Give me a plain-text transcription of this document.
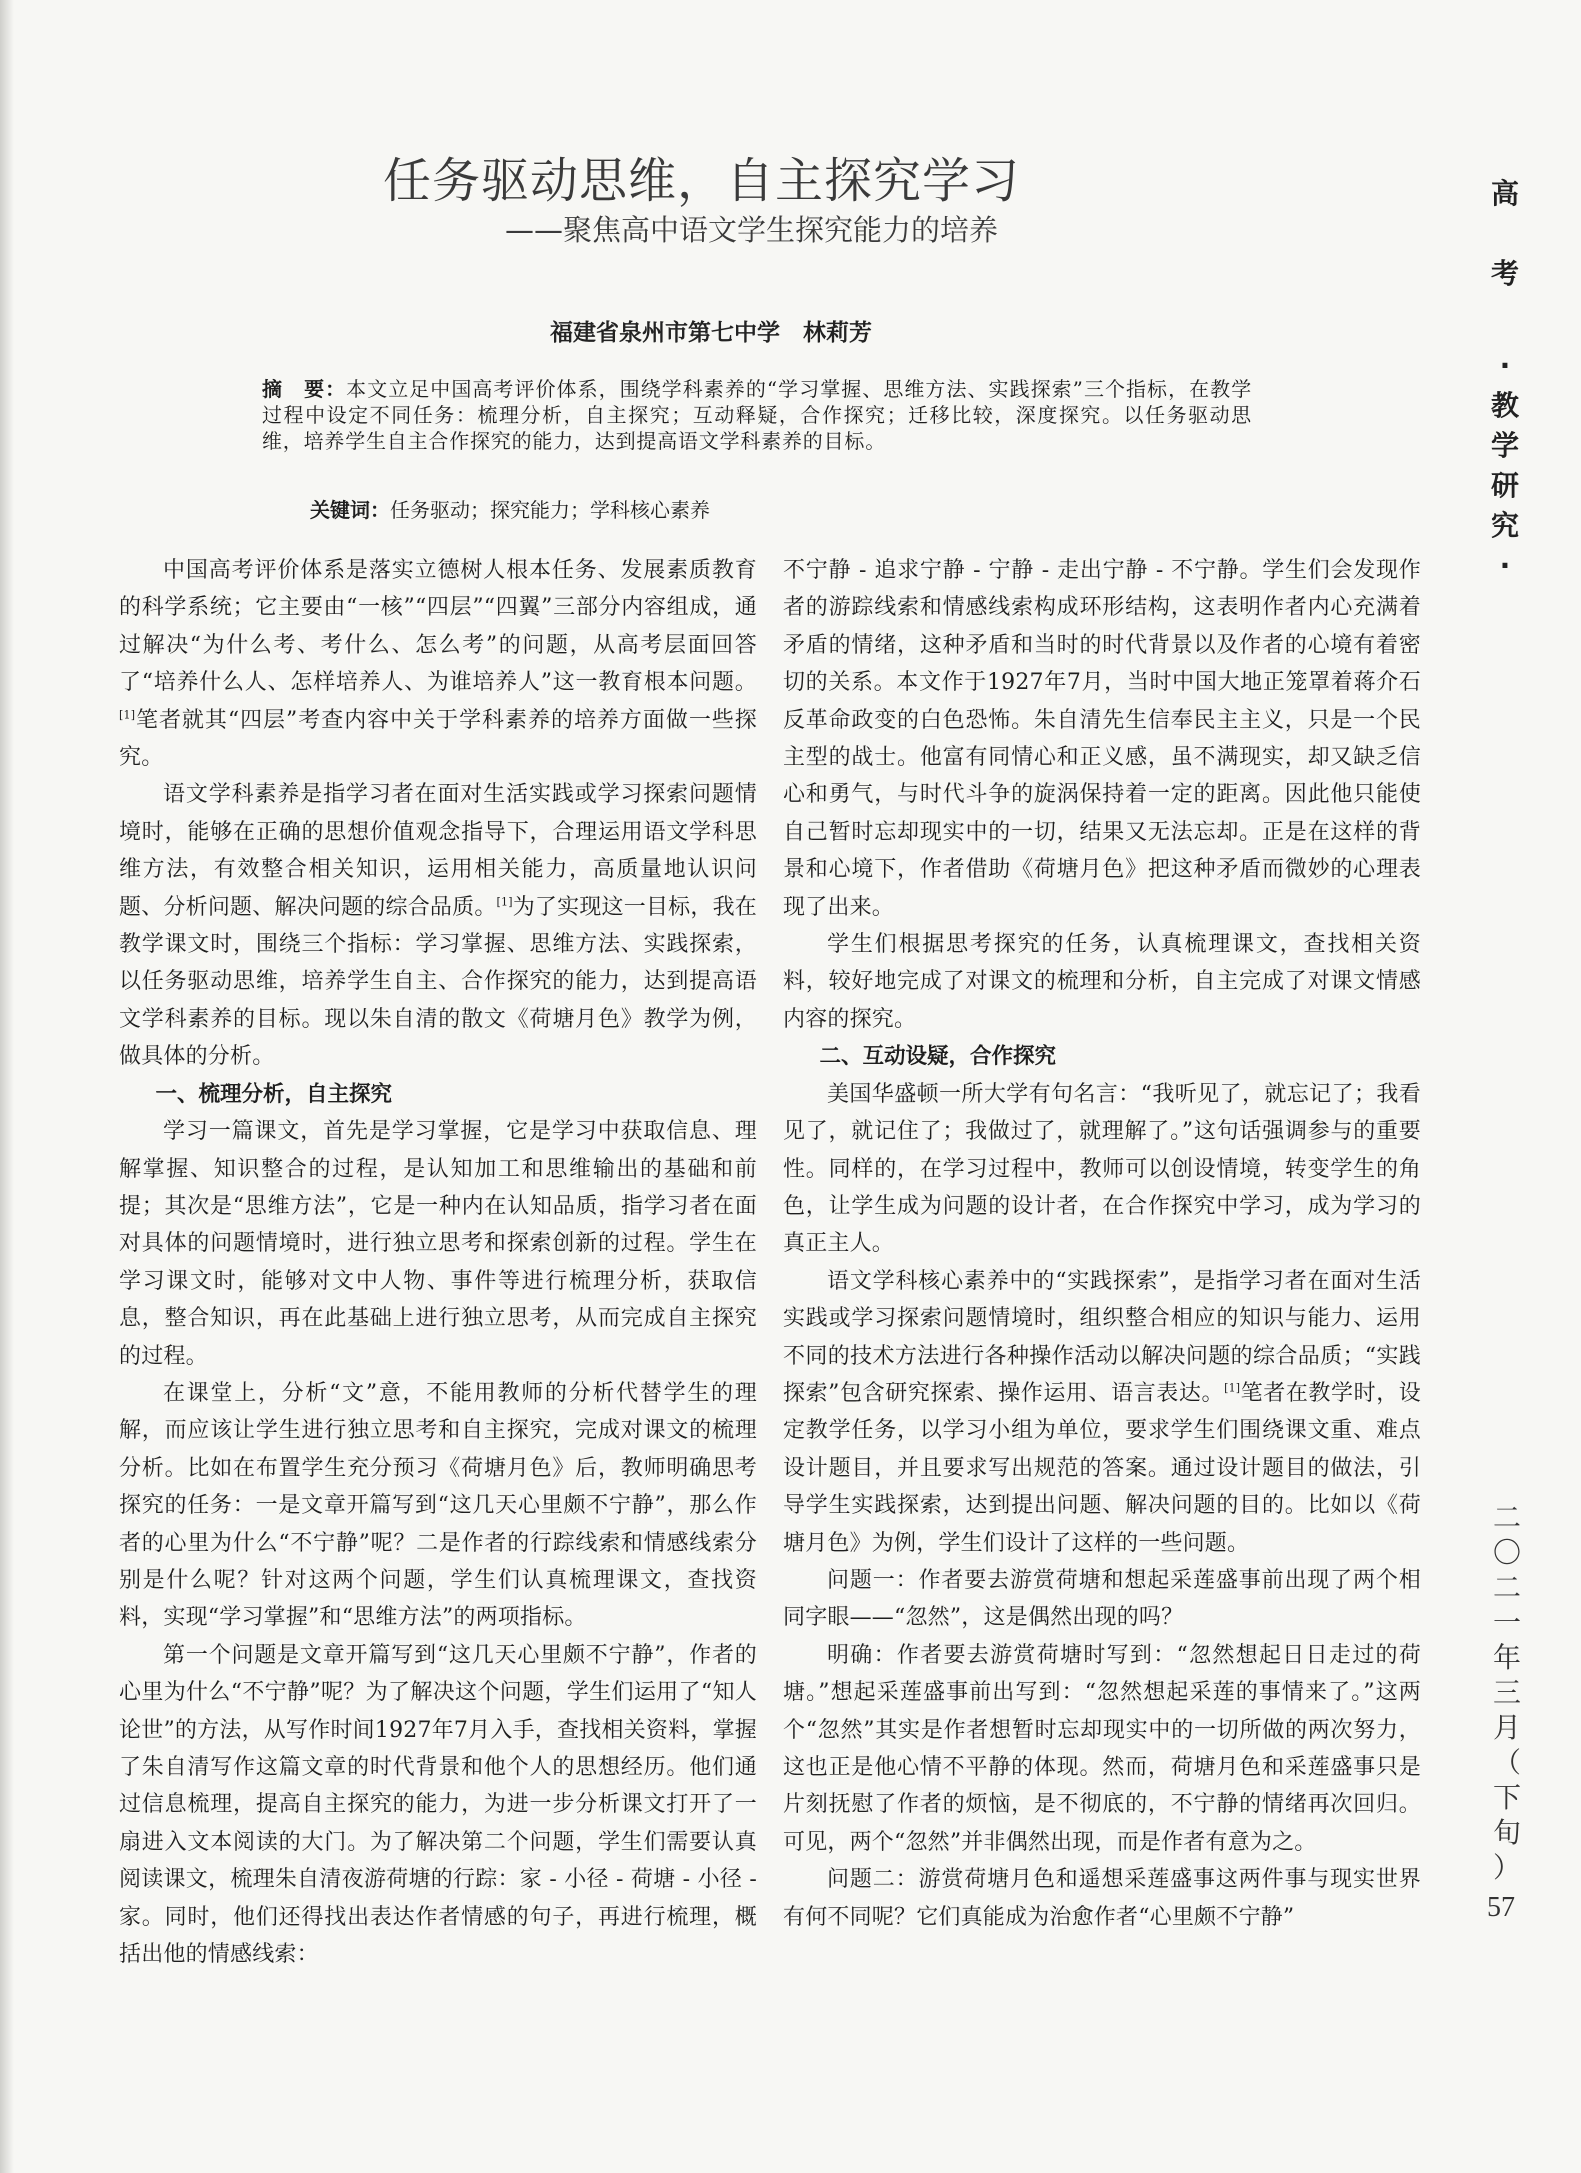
任务驱动思维，自主探究学习
——聚焦高中语文学生探究能力的培养
福建省泉州市第七中学　林莉芳

摘　要：本文立足中国高考评价体系，围绕学科素养的“学习掌握、思维方法、实践探索”三个指标，在教学过程中设定不同任务：梳理分析，自主探究；互动释疑，合作探究；迁移比较，深度探究。以任务驱动思维，培养学生自主合作探究的能力，达到提高语文学科素养的目标。

关键词：任务驱动；探究能力；学科核心素养

中国高考评价体系是落实立德树人根本任务、发展素质教育的科学系统；它主要由“一核”“四层”“四翼”三部分内容组成，通过解决“为什么考、考什么、怎么考”的问题，从高考层面回答了“培养什么人、怎样培养人、为谁培养人”这一教育根本问题。[1]笔者就其“四层”考查内容中关于学科素养的培养方面做一些探究。

语文学科素养是指学习者在面对生活实践或学习探索问题情境时，能够在正确的思想价值观念指导下，合理运用语文学科思维方法，有效整合相关知识，运用相关能力，高质量地认识问题、分析问题、解决问题的综合品质。[1]为了实现这一目标，我在教学课文时，围绕三个指标：学习掌握、思维方法、实践探索，以任务驱动思维，培养学生自主、合作探究的能力，达到提高语文学科素养的目标。现以朱自清的散文《荷塘月色》教学为例，做具体的分析。

一、梳理分析，自主探究

学习一篇课文，首先是学习掌握，它是学习中获取信息、理解掌握、知识整合的过程，是认知加工和思维输出的基础和前提；其次是“思维方法”，它是一种内在认知品质，指学习者在面对具体的问题情境时，进行独立思考和探索创新的过程。学生在学习课文时，能够对文中人物、事件等进行梳理分析，获取信息，整合知识，再在此基础上进行独立思考，从而完成自主探究的过程。

在课堂上，分析“文”意，不能用教师的分析代替学生的理解，而应该让学生进行独立思考和自主探究，完成对课文的梳理分析。比如在布置学生充分预习《荷塘月色》后，教师明确思考探究的任务：一是文章开篇写到“这几天心里颇不宁静”，那么作者的心里为什么“不宁静”呢？二是作者的行踪线索和情感线索分别是什么呢？针对这两个问题，学生们认真梳理课文，查找资料，实现“学习掌握”和“思维方法”的两项指标。

第一个问题是文章开篇写到“这几天心里颇不宁静”，作者的心里为什么“不宁静”呢？为了解决这个问题，学生们运用了“知人论世”的方法，从写作时间1927年7月入手，查找相关资料，掌握了朱自清写作这篇文章的时代背景和他个人的思想经历。他们通过信息梳理，提高自主探究的能力，为进一步分析课文打开了一扇进入文本阅读的大门。为了解决第二个问题，学生们需要认真阅读课文，梳理朱自清夜游荷塘的行踪：家 - 小径 - 荷塘 - 小径 - 家。同时，他们还得找出表达作者情感的句子，再进行梳理，概括出他的情感线索：

不宁静 - 追求宁静 - 宁静 - 走出宁静 - 不宁静。学生们会发现作者的游踪线索和情感线索构成环形结构，这表明作者内心充满着矛盾的情绪，这种矛盾和当时的时代背景以及作者的心境有着密切的关系。本文作于1927年7月，当时中国大地正笼罩着蒋介石反革命政变的白色恐怖。朱自清先生信奉民主主义，只是一个民主型的战士。他富有同情心和正义感，虽不满现实，却又缺乏信心和勇气，与时代斗争的旋涡保持着一定的距离。因此他只能使自己暂时忘却现实中的一切，结果又无法忘却。正是在这样的背景和心境下，作者借助《荷塘月色》把这种矛盾而微妙的心理表现了出来。

学生们根据思考探究的任务，认真梳理课文，查找相关资料，较好地完成了对课文的梳理和分析，自主完成了对课文情感内容的探究。

二、互动设疑，合作探究

美国华盛顿一所大学有句名言：“我听见了，就忘记了；我看见了，就记住了；我做过了，就理解了。”这句话强调参与的重要性。同样的，在学习过程中，教师可以创设情境，转变学生的角色，让学生成为问题的设计者，在合作探究中学习，成为学习的真正主人。

语文学科核心素养中的“实践探索”，是指学习者在面对生活实践或学习探索问题情境时，组织整合相应的知识与能力、运用不同的技术方法进行各种操作活动以解决问题的综合品质；“实践探索”包含研究探索、操作运用、语言表达。[1]笔者在教学时，设定教学任务，以学习小组为单位，要求学生们围绕课文重、难点设计题目，并且要求写出规范的答案。通过设计题目的做法，引导学生实践探索，达到提出问题、解决问题的目的。比如以《荷塘月色》为例，学生们设计了这样的一些问题。

问题一：作者要去游赏荷塘和想起采莲盛事前出现了两个相同字眼——“忽然”，这是偶然出现的吗？

明确：作者要去游赏荷塘时写到：“忽然想起日日走过的荷塘。”想起采莲盛事前出写到：“忽然想起采莲的事情来了。”这两个“忽然”其实是作者想暂时忘却现实中的一切所做的两次努力，这也正是他心情不平静的体现。然而，荷塘月色和采莲盛事只是片刻抚慰了作者的烦恼，是不彻底的，不宁静的情绪再次回归。可见，两个“忽然”并非偶然出现，而是作者有意为之。

问题二：游赏荷塘月色和遥想采莲盛事这两件事与现实世界有何不同呢？它们真能成为治愈作者“心里颇不宁静”

高
考
·
教
学
研
究
·
二
〇
二
一
年
三
月
（
下
旬
）
57
